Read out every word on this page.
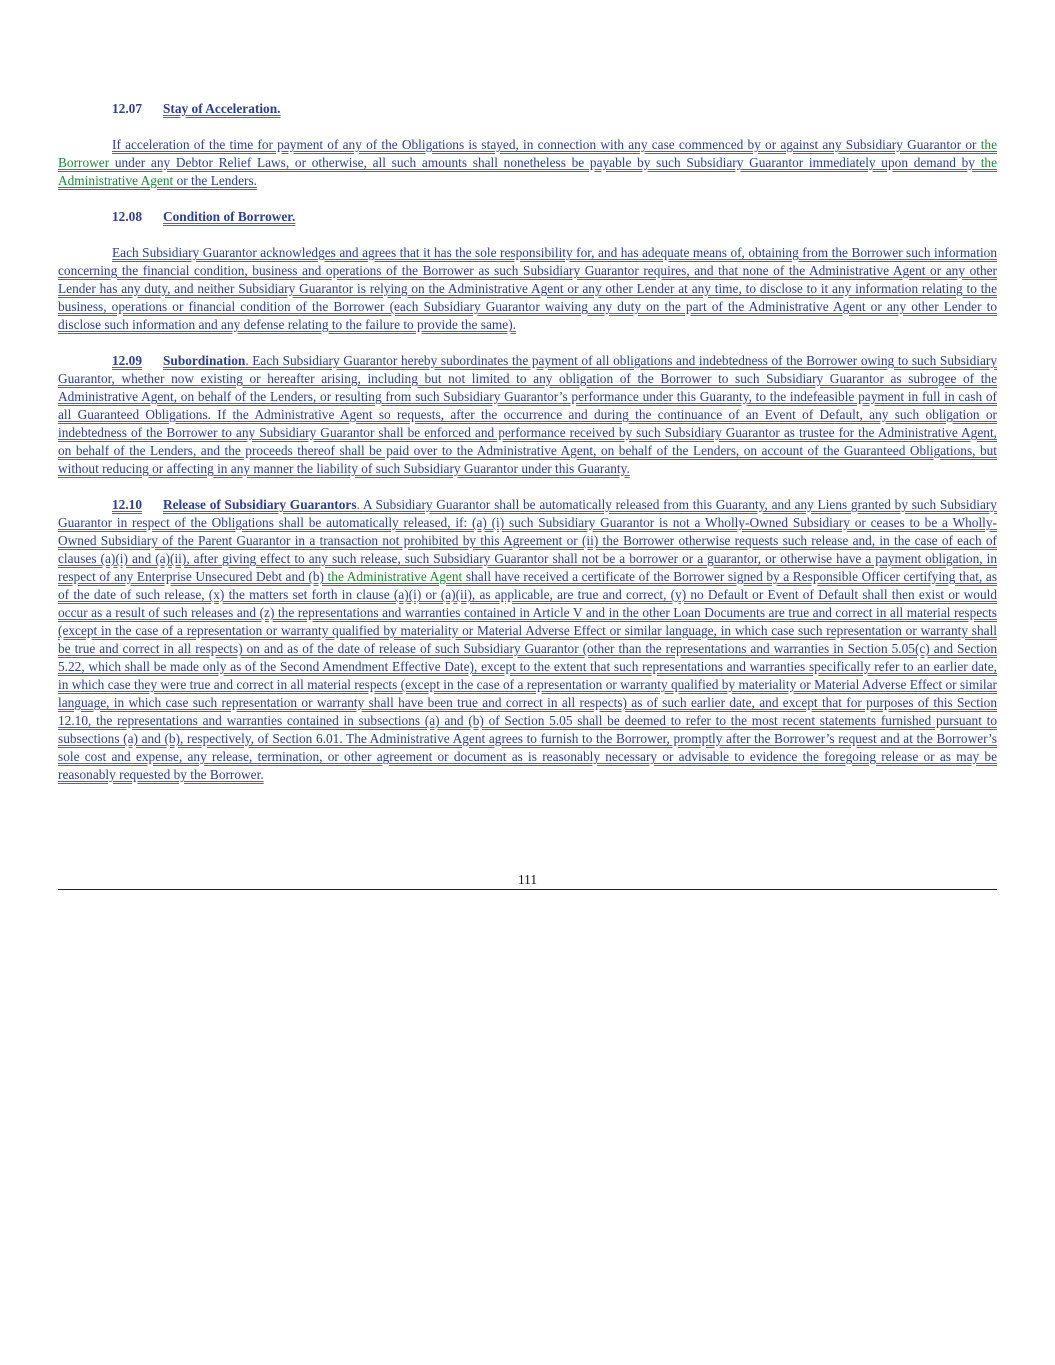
12.07 Stay of Acceleration.

If acceleration of the time for payment of any of the Obligations is stayed, in connection with any case commenced by or against any Subsidiary Guarantor or the Borrower under any Debtor Relief Laws, or otherwise, all such amounts shall nonetheless be payable by such Subsidiary Guarantor immediately upon demand by the Administrative Agent or the Lenders.

12.08 Condition of Borrower.

Each Subsidiary Guarantor acknowledges and agrees that it has the sole responsibility for, and has adequate means of, obtaining from the Borrower such information concerning the financial condition, business and operations of the Borrower as such Subsidiary Guarantor requires, and that none of the Administrative Agent or any other Lender has any duty, and neither Subsidiary Guarantor is relying on the Administrative Agent or any other Lender at any time, to disclose to it any information relating to the business, operations or financial condition of the Borrower (each Subsidiary Guarantor waiving any duty on the part of the Administrative Agent or any other Lender to disclose such information and any defense relating to the failure to provide the same).

12.09 Subordination. Each Subsidiary Guarantor hereby subordinates the payment of all obligations and indebtedness of the Borrower owing to such Subsidiary Guarantor, whether now existing or hereafter arising, including but not limited to any obligation of the Borrower to such Subsidiary Guarantor as subrogee of the Administrative Agent, on behalf of the Lenders, or resulting from such Subsidiary Guarantor’s performance under this Guaranty, to the indefeasible payment in full in cash of all Guaranteed Obligations. If the Administrative Agent so requests, after the occurrence and during the continuance of an Event of Default, any such obligation or indebtedness of the Borrower to any Subsidiary Guarantor shall be enforced and performance received by such Subsidiary Guarantor as trustee for the Administrative Agent, on behalf of the Lenders, and the proceeds thereof shall be paid over to the Administrative Agent, on behalf of the Lenders, on account of the Guaranteed Obligations, but without reducing or affecting in any manner the liability of such Subsidiary Guarantor under this Guaranty.

12.10 Release of Subsidiary Guarantors. A Subsidiary Guarantor shall be automatically released from this Guaranty, and any Liens granted by such Subsidiary Guarantor in respect of the Obligations shall be automatically released, if: (a) (i) such Subsidiary Guarantor is not a Wholly-Owned Subsidiary or ceases to be a Wholly-Owned Subsidiary of the Parent Guarantor in a transaction not prohibited by this Agreement or (ii) the Borrower otherwise requests such release and, in the case of each of clauses (a)(i) and (a)(ii), after giving effect to any such release, such Subsidiary Guarantor shall not be a borrower or a guarantor, or otherwise have a payment obligation, in respect of any Enterprise Unsecured Debt and (b) the Administrative Agent shall have received a certificate of the Borrower signed by a Responsible Officer certifying that, as of the date of such release, (x) the matters set forth in clause (a)(i) or (a)(ii), as applicable, are true and correct, (y) no Default or Event of Default shall then exist or would occur as a result of such releases and (z) the representations and warranties contained in Article V and in the other Loan Documents are true and correct in all material respects (except in the case of a representation or warranty qualified by materiality or Material Adverse Effect or similar language, in which case such representation or warranty shall be true and correct in all respects) on and as of the date of release of such Subsidiary Guarantor (other than the representations and warranties in Section 5.05(c) and Section 5.22, which shall be made only as of the Second Amendment Effective Date), except to the extent that such representations and warranties specifically refer to an earlier date, in which case they were true and correct in all material respects (except in the case of a representation or warranty qualified by materiality or Material Adverse Effect or similar language, in which case such representation or warranty shall have been true and correct in all respects) as of such earlier date, and except that for purposes of this Section 12.10, the representations and warranties contained in subsections (a) and (b) of Section 5.05 shall be deemed to refer to the most recent statements furnished pursuant to subsections (a) and (b), respectively, of Section 6.01. The Administrative Agent agrees to furnish to the Borrower, promptly after the Borrower’s request and at the Borrower’s sole cost and expense, any release, termination, or other agreement or document as is reasonably necessary or advisable to evidence the foregoing release or as may be reasonably requested by the Borrower.

111
